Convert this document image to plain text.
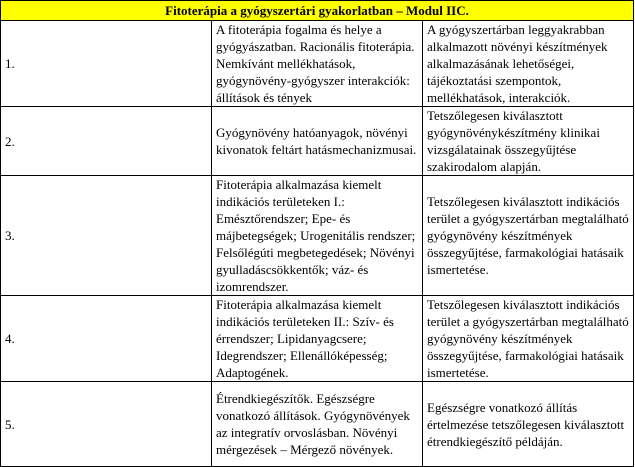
Fitoterápia a gyógyszertári gyakorlatban – Modul IIC.		
1.	A fitoterápia fogalma és helye a gyógyászatban. Racionális fitoterápia. Nemkívánt mellékhatások, gyógynövény-gyógyszer interakciók: állítások és tények	A gyógyszertárban leggyakrabban alkalmazott növényi készítmények alkalmazásának lehetőségei, tájékoztatási szempontok, mellékhatások, interakciók.
2.	Gyógynövény hatóanyagok, növényi kivonatok feltárt hatásmechanizmusai.	Tetszőlegesen kiválasztott gyógynövénykészítmény klinikai vizsgálatainak összegyűjtése szakirodalom alapján.
3.	Fitoterápia alkalmazása kiemelt indikációs területeken I.: Emésztőrendszer; Epe- és májbetegségek; Urogenitális rendszer; Felsőlégúti megbetegedések; Növényi gyulladáscsökkentők; váz- és izomrendszer.	Tetszőlegesen kiválasztott indikációs terület a gyógyszertárban megtalálható gyógynövény készítmények összegyűjtése, farmakológiai hatásaik ismertetése.
4.	Fitoterápia alkalmazása kiemelt indikációs területeken II.: Szív- és érrendszer; Lipidanyagcsere; Idegrendszer; Ellenállóképesség; Adaptogének.	Tetszőlegesen kiválasztott indikációs terület a gyógyszertárban megtalálható gyógynövény készítmények összegyűjtése, farmakológiai hatásaik ismertetése.
5.	Étrendkiegészítők. Egészségre vonatkozó állítások. Gyógynövények az integratív orvoslásban. Növényi mérgezések – Mérgező növények.	Egészségre vonatkozó állítás értelmezése tetszőlegesen kiválasztott étrendkiegészítő példáján.
